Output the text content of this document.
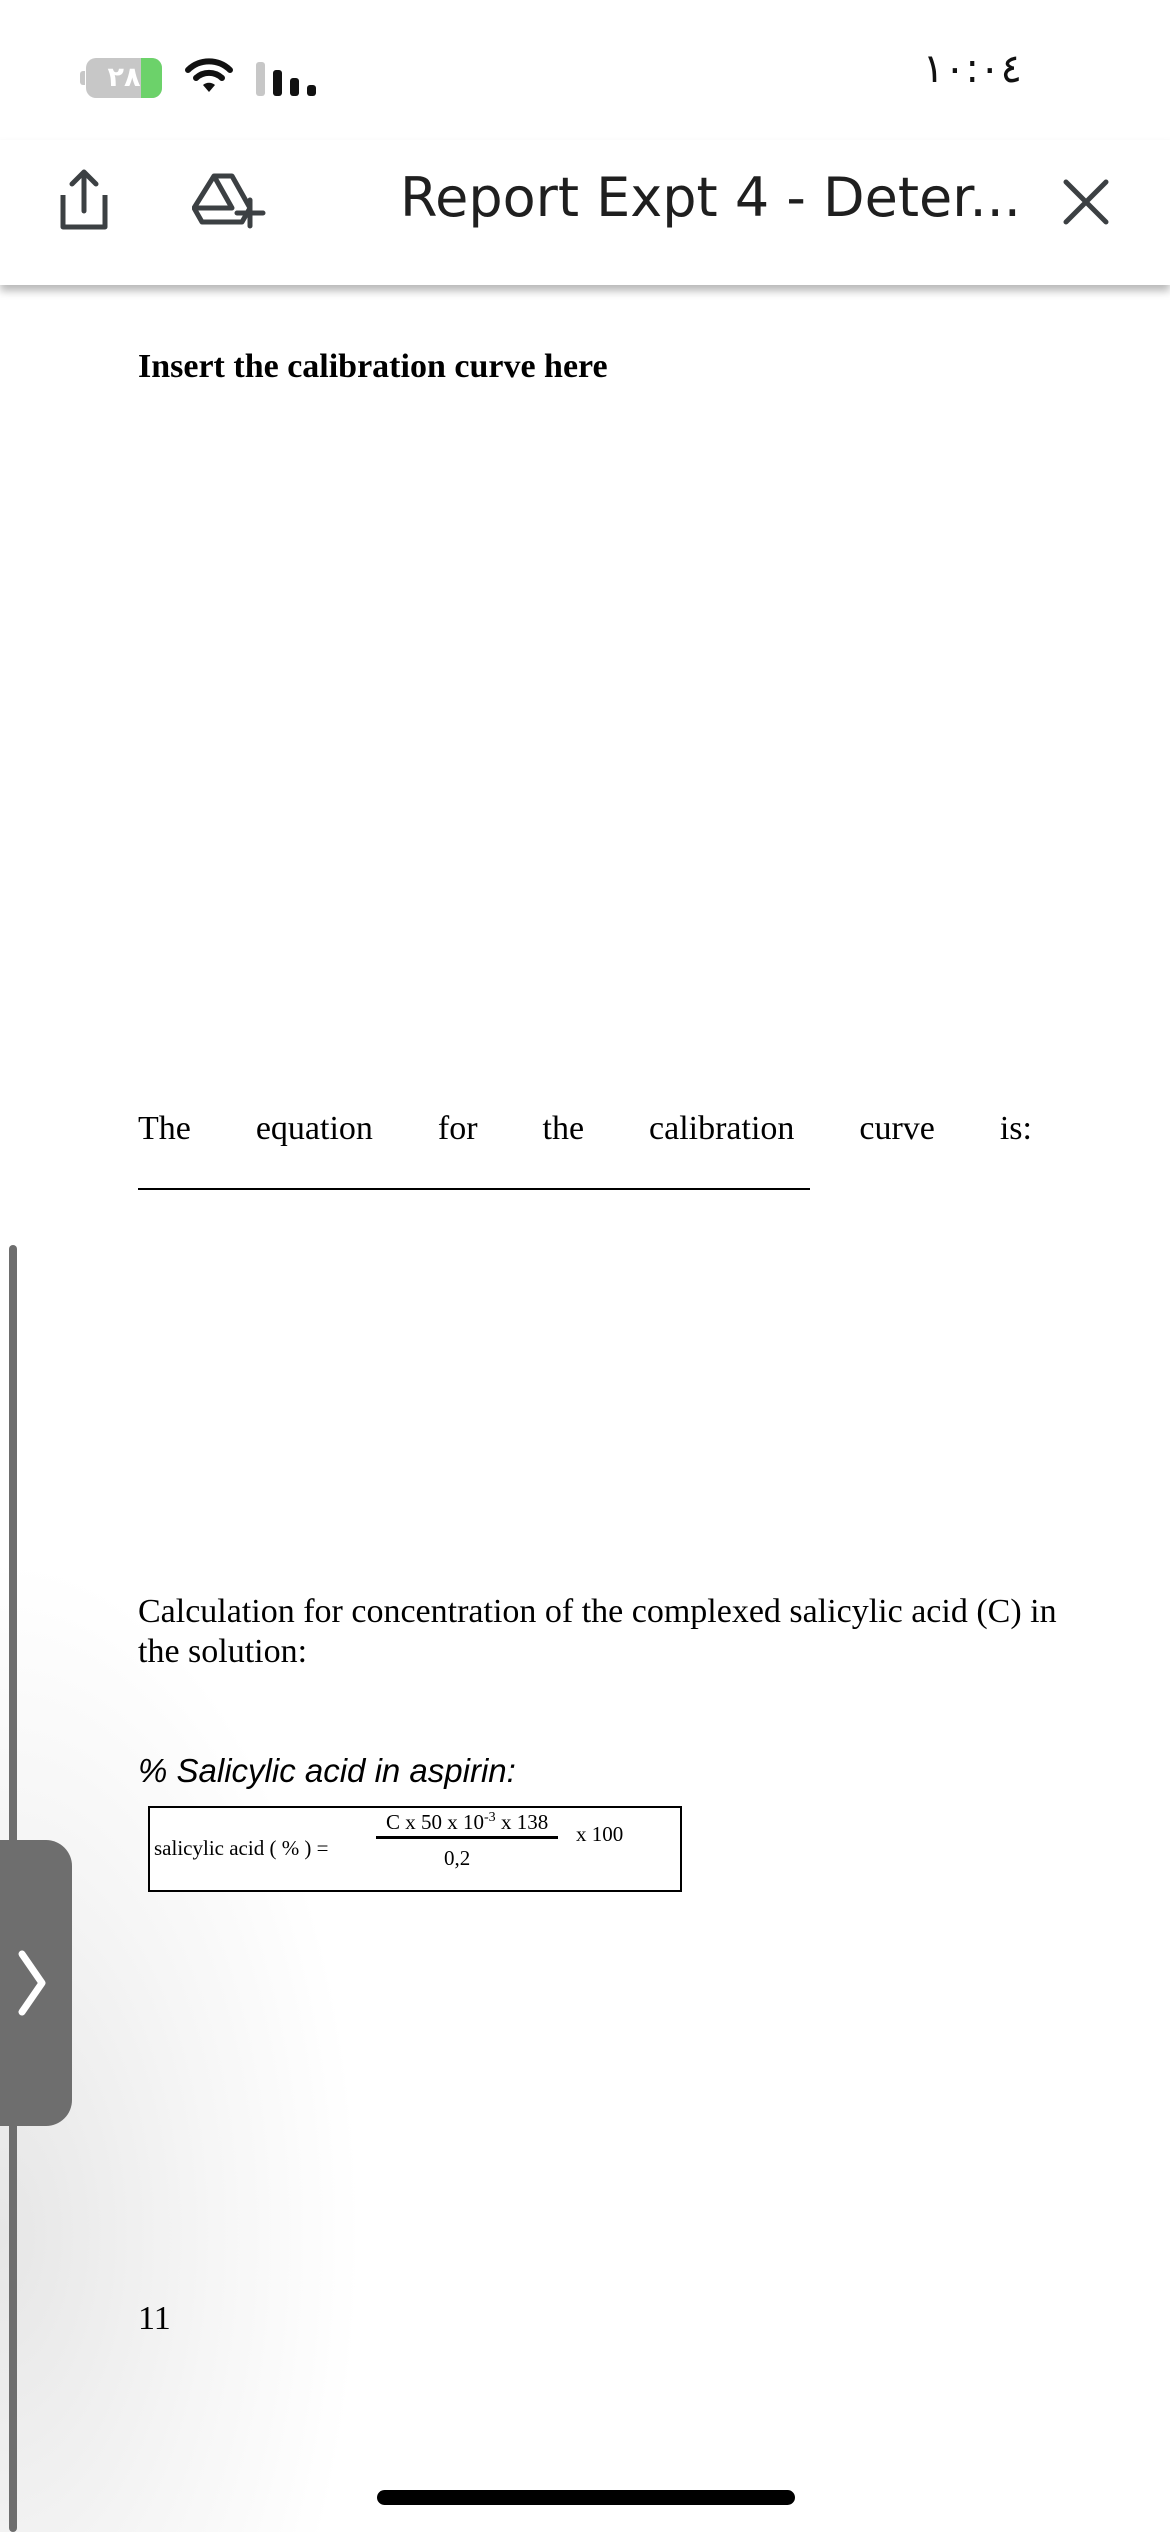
٢٨	١٠:٠٤
Report Expt 4 - Deter...
Insert the calibration curve here
The equation for the calibration curve is:
Calculation for concentration of the complexed salicylic acid (C) in the solution:
% Salicylic acid in aspirin:
salicylic acid ( % ) =
C x 50 x $10^{-3}$ x 138
0,2
x 100
11
